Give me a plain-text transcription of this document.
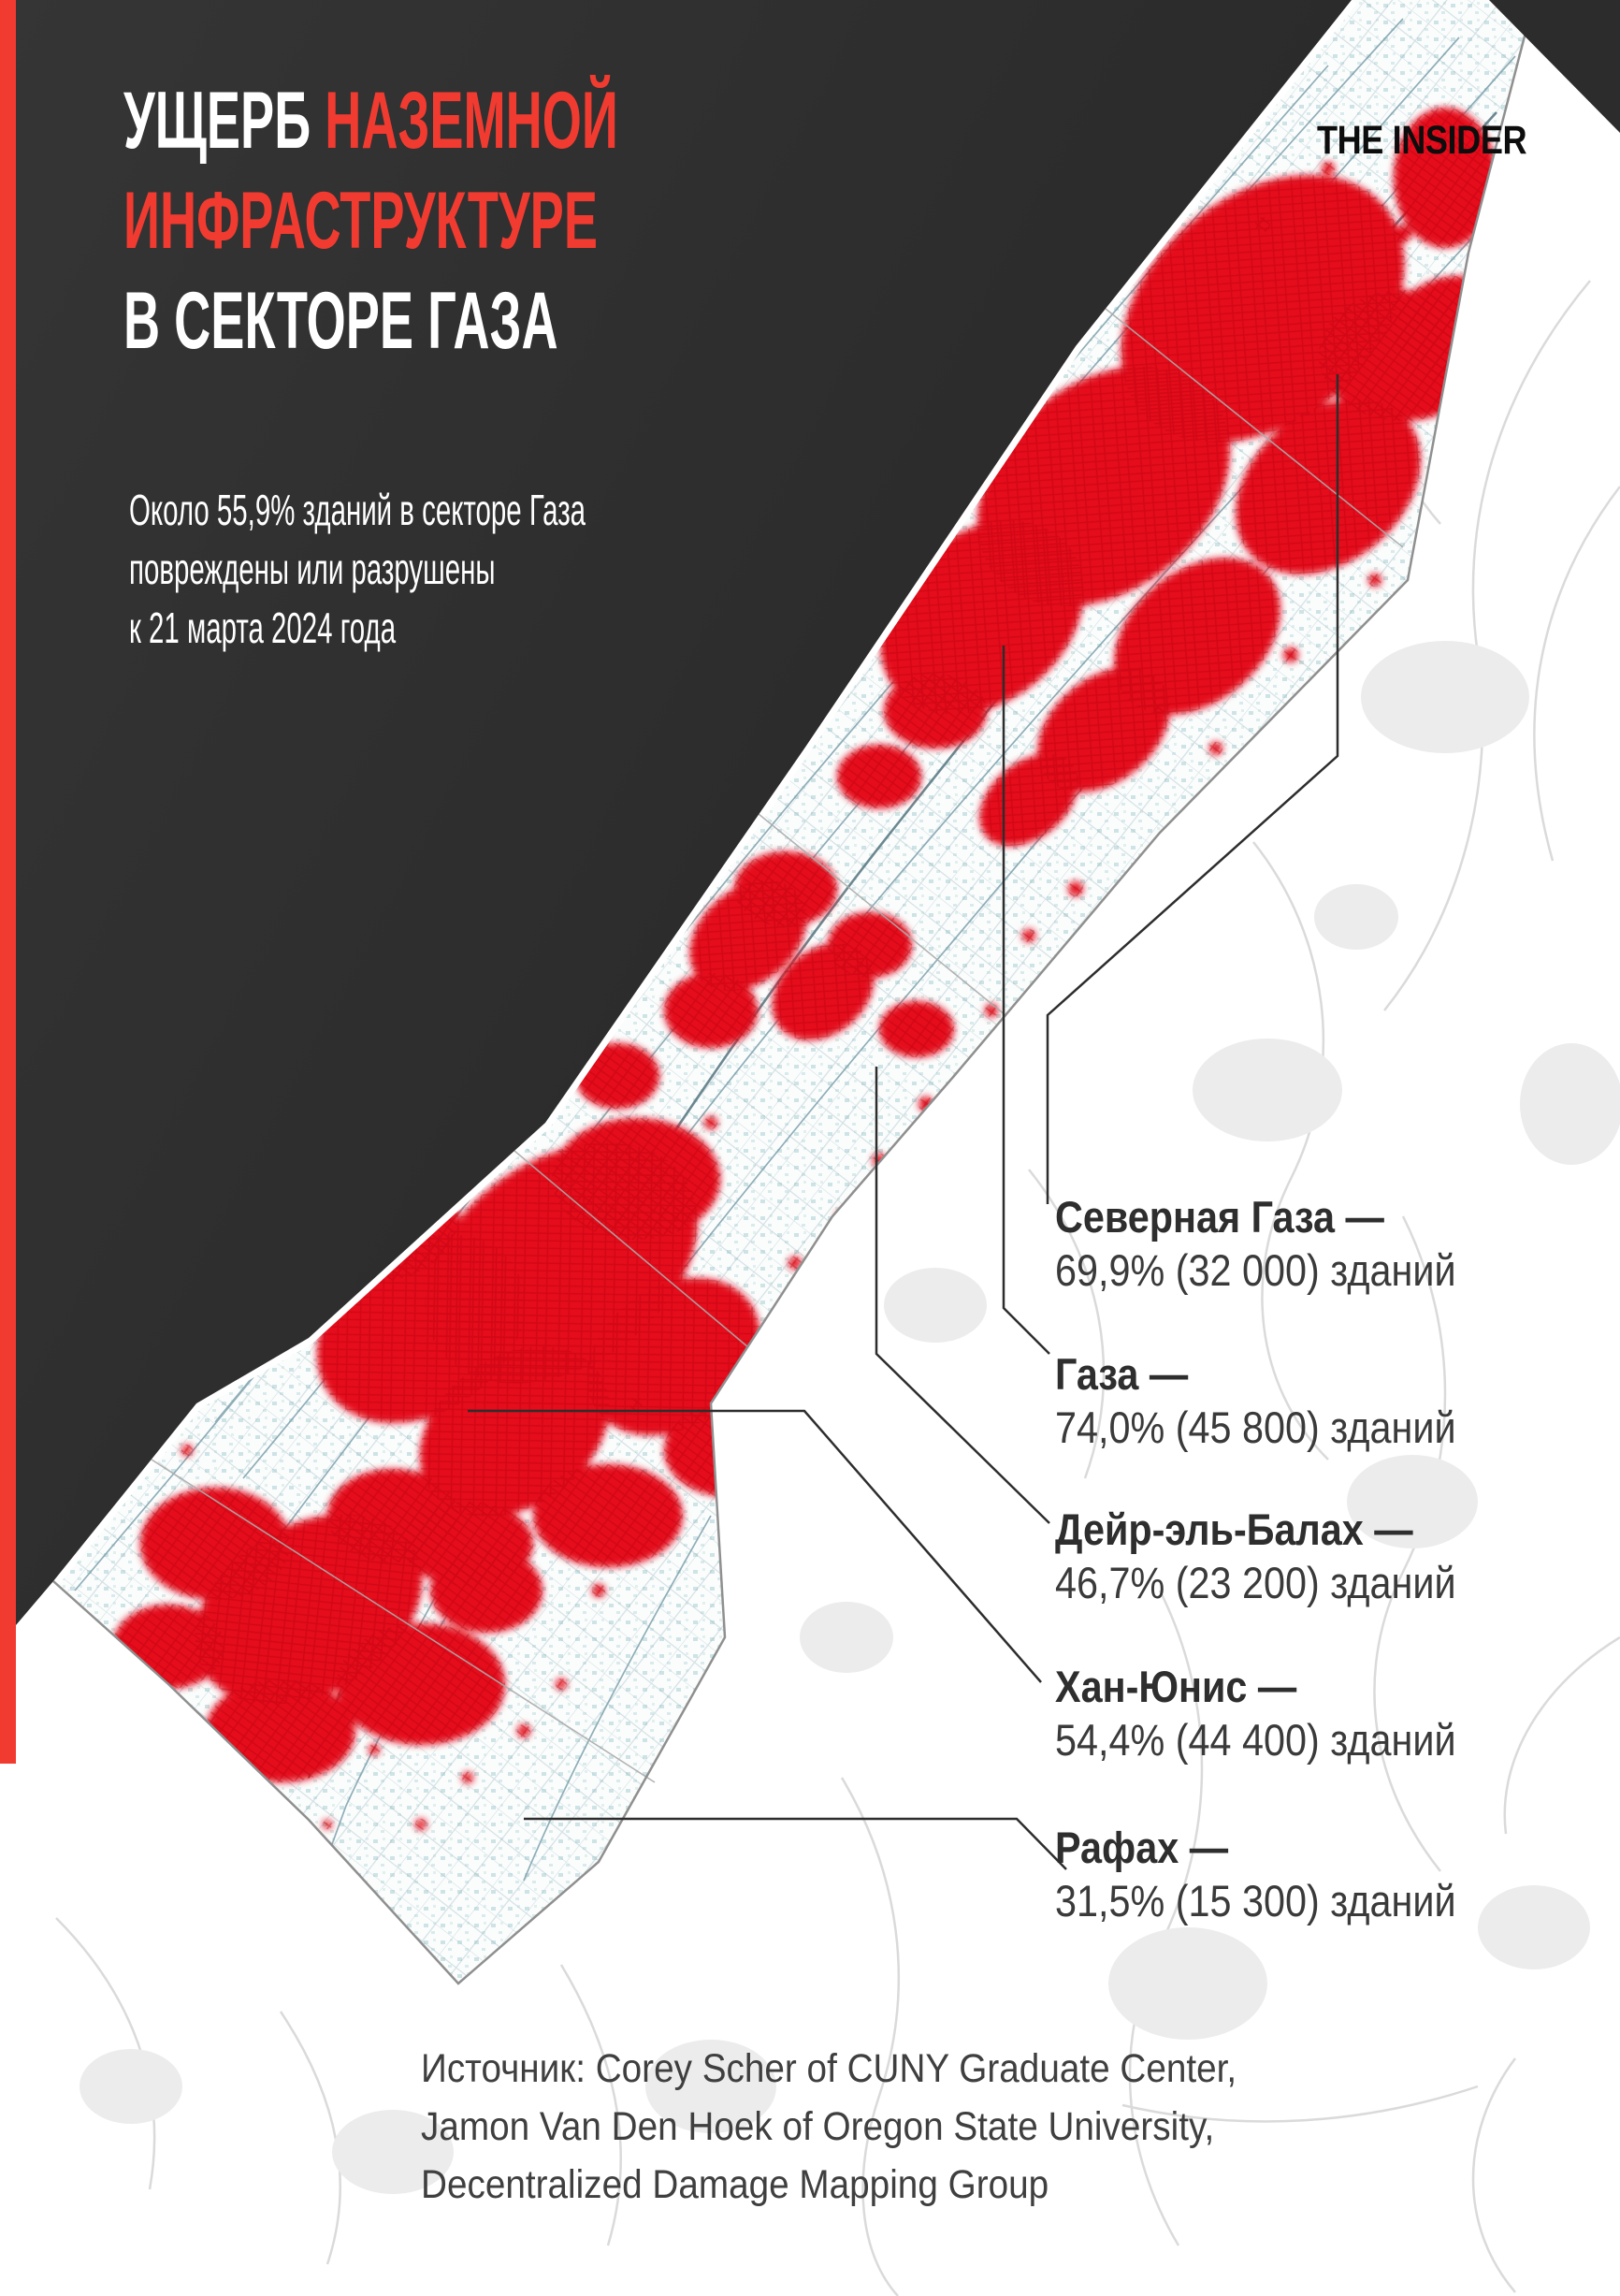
THE INSIDER
УЩЕРБ НАЗЕМНОЙ
ИНФРАСТРУКТУРЕ
В СЕКТОРЕ ГАЗА
Около 55,9% зданий в секторе Газа
повреждены или разрушены
к 21 марта 2024 года
Северная Газа —
69,9% (32 000) зданий
Газа —
74,0% (45 800) зданий
Дейр-эль-Балах —
46,7% (23 200) зданий
Хан-Юнис —
54,4% (44 400) зданий
Рафах —
31,5% (15 300) зданий
Источник: Corey Scher of CUNY Graduate Center,
Jamon Van Den Hoek of Oregon State University,
Decentralized Damage Mapping Group
